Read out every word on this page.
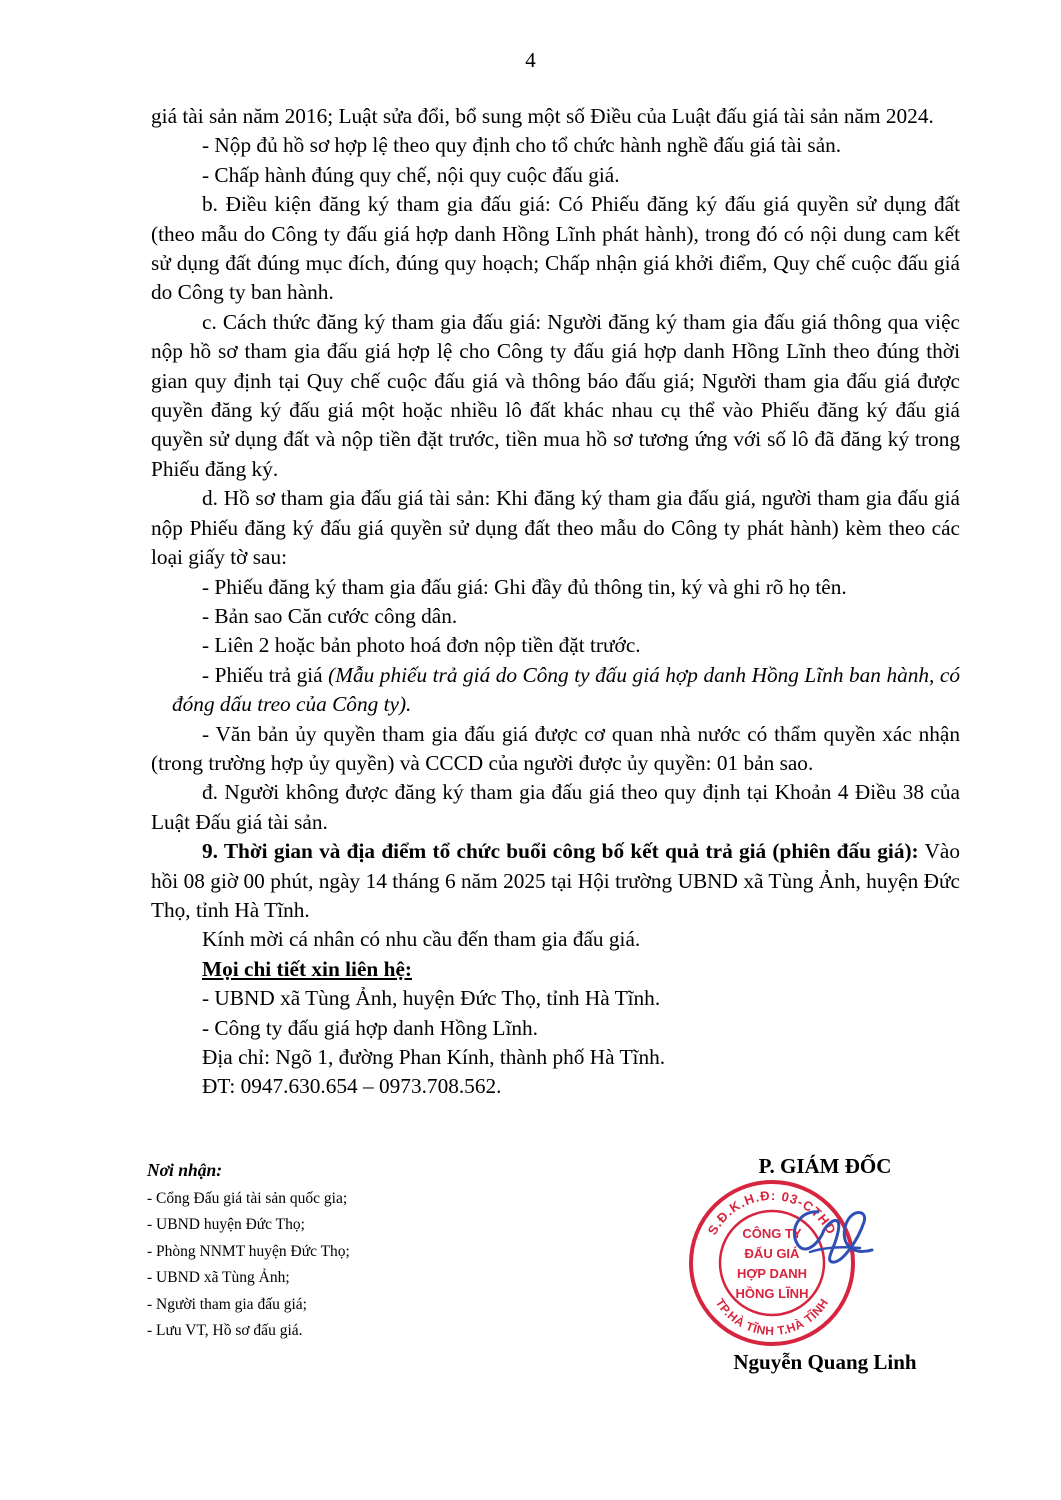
4

giá tài sản năm 2016; Luật sửa đổi, bổ sung một số Điều của Luật đấu giá tài sản năm 2024.

- Nộp đủ hồ sơ hợp lệ theo quy định cho tổ chức hành nghề đấu giá tài sản.

- Chấp hành đúng quy chế, nội quy cuộc đấu giá.

b. Điều kiện đăng ký tham gia đấu giá: Có Phiếu đăng ký đấu giá quyền sử dụng đất (theo mẫu do Công ty đấu giá hợp danh Hồng Lĩnh phát hành), trong đó có nội dung cam kết sử dụng đất đúng mục đích, đúng quy hoạch; Chấp nhận giá khởi điểm, Quy chế cuộc đấu giá do Công ty ban hành.

c. Cách thức đăng ký tham gia đấu giá: Người đăng ký tham gia đấu giá thông qua việc nộp hồ sơ tham gia đấu giá hợp lệ cho Công ty đấu giá hợp danh Hồng Lĩnh theo đúng thời gian quy định tại Quy chế cuộc đấu giá và thông báo đấu giá; Người tham gia đấu giá được quyền đăng ký đấu giá một hoặc nhiều lô đất khác nhau cụ thể vào Phiếu đăng ký đấu giá quyền sử dụng đất và nộp tiền đặt trước, tiền mua hồ sơ tương ứng với số lô đã đăng ký trong Phiếu đăng ký.

d. Hồ sơ tham gia đấu giá tài sản: Khi đăng ký tham gia đấu giá, người tham gia đấu giá nộp Phiếu đăng ký đấu giá quyền sử dụng đất theo mẫu do Công ty phát hành) kèm theo các loại giấy tờ sau:

- Phiếu đăng ký tham gia đấu giá: Ghi đầy đủ thông tin, ký và ghi rõ họ tên.

- Bản sao Căn cước công dân.

- Liên 2 hoặc bản photo hoá đơn nộp tiền đặt trước.

- Phiếu trả giá (Mẫu phiếu trả giá do Công ty đấu giá hợp danh Hồng Lĩnh ban hành, có đóng dấu treo của Công ty).

- Văn bản ủy quyền tham gia đấu giá được cơ quan nhà nước có thẩm quyền xác nhận (trong trường hợp ủy quyền) và CCCD của người được ủy quyền: 01 bản sao.

đ. Người không được đăng ký tham gia đấu giá theo quy định tại Khoản 4 Điều 38 của Luật Đấu giá tài sản.

9. Thời gian và địa điểm tổ chức buổi công bố kết quả trả giá (phiên đấu giá): Vào hồi 08 giờ 00 phút, ngày 14 tháng 6 năm 2025 tại Hội trường UBND xã Tùng Ảnh, huyện Đức Thọ, tỉnh Hà Tĩnh.

Kính mời cá nhân có nhu cầu đến tham gia đấu giá.

Mọi chi tiết xin liên hệ:

- UBND xã Tùng Ảnh, huyện Đức Thọ, tỉnh Hà Tĩnh.

- Công ty đấu giá hợp danh Hồng Lĩnh.

Địa chỉ: Ngõ 1, đường Phan Kính, thành phố Hà Tĩnh.

ĐT: 0947.630.654 – 0973.708.562.

Nơi nhận:

- Cổng Đấu giá tài sản quốc gia;

- UBND huyện Đức Thọ;

- Phòng NNMT huyện Đức Thọ;

- UBND xã Tùng Ảnh;

- Người tham gia đấu giá;

- Lưu VT, Hồ sơ đấu giá.

P. GIÁM ĐỐC
S.Đ.K.H.Đ: 03-CTHD
TP.HÀ TĨNH T.HÀ TĨNH
CÔNG TY
ĐẤU GIÁ
HỢP DANH
HỒNG LĨNH
Nguyễn Quang Linh
